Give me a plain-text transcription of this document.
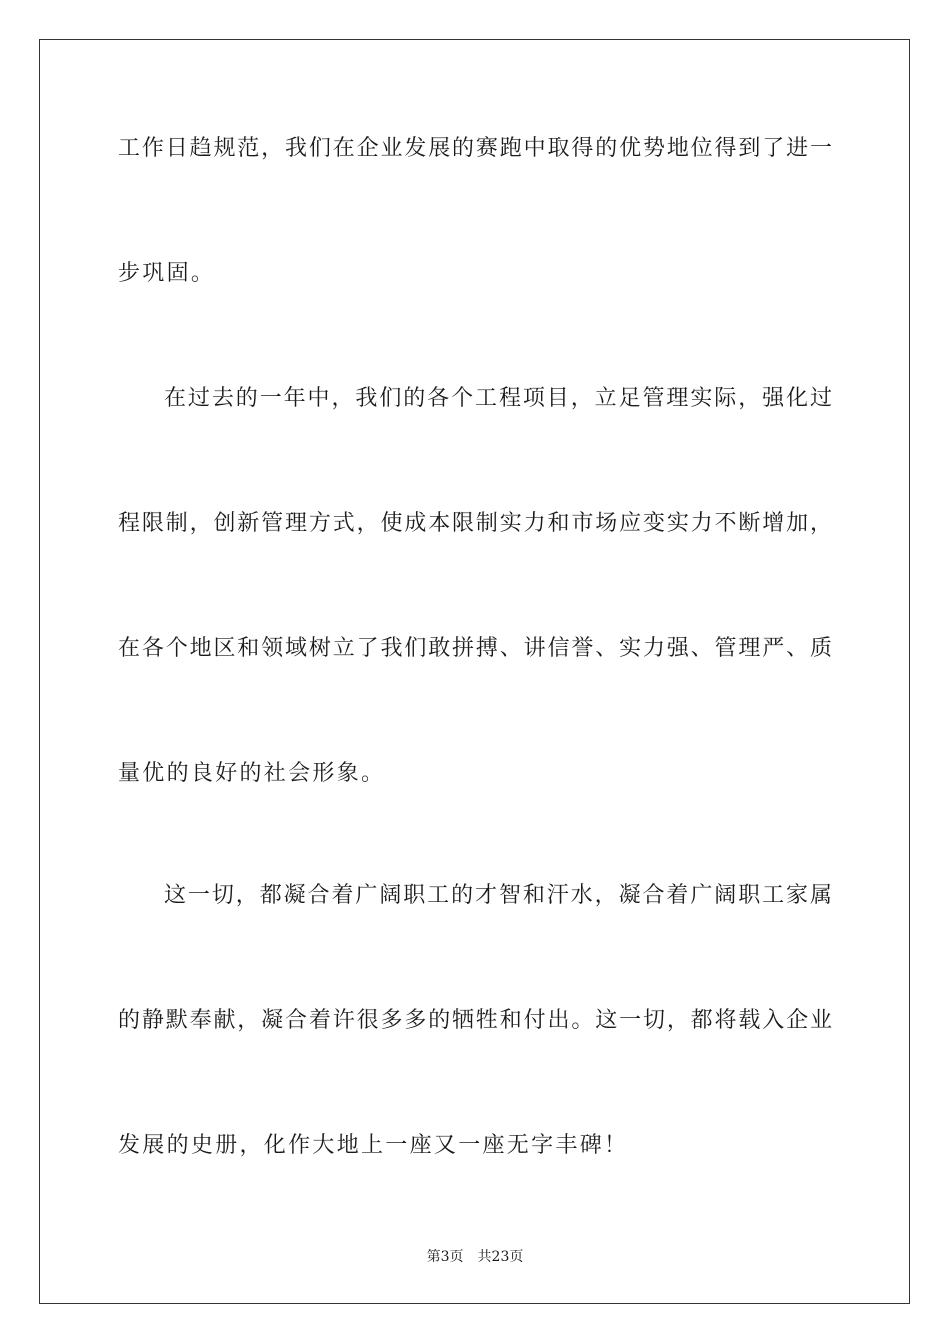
工作日趋规范，我们在企业发展的赛跑中取得的优势地位得到了进一
步巩固。
在过去的一年中，我们的各个工程项目，立足管理实际，强化过
程限制，创新管理方式，使成本限制实力和市场应变实力不断增加，
在各个地区和领域树立了我们敢拼搏、讲信誉、实力强、管理严、质
量优的良好的社会形象。
这一切，都凝合着广阔职工的才智和汗水，凝合着广阔职工家属
的静默奉献，凝合着许很多多的牺牲和付出。这一切，都将载入企业
发展的史册，化作大地上一座又一座无字丰碑！
第3页 共23页
